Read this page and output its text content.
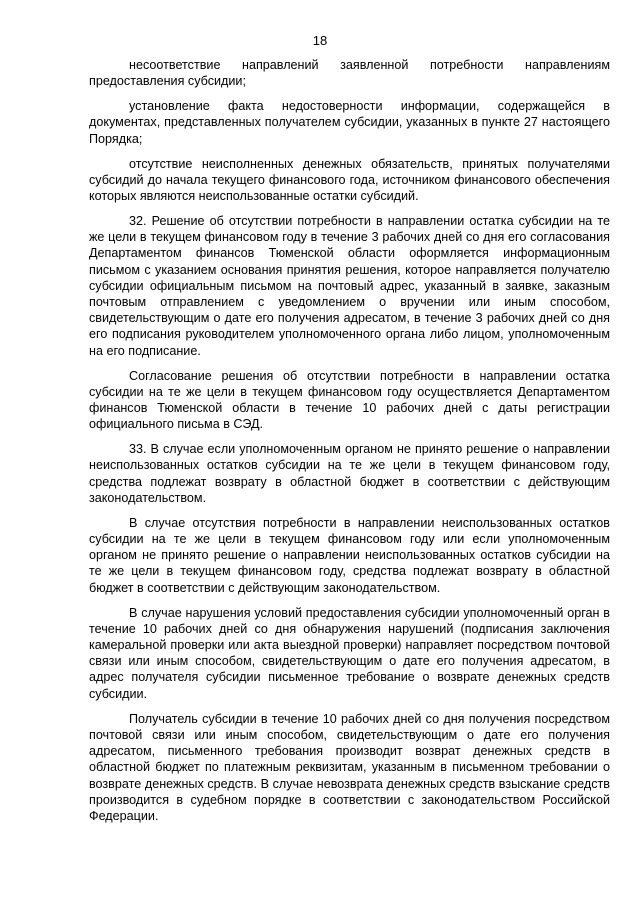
18

несоответствие направлений заявленной потребности направлениям предоставления субсидии;

установление факта недостоверности информации, содержащейся в документах, представленных получателем субсидии, указанных в пункте 27 настоящего Порядка;

отсутствие неисполненных денежных обязательств, принятых получателями субсидий до начала текущего финансового года, источником финансового обеспечения которых являются неиспользованные остатки субсидий.

32. Решение об отсутствии потребности в направлении остатка субсидии на те же цели в текущем финансовом году в течение 3 рабочих дней со дня его согласования Департаментом финансов Тюменской области оформляется информационным письмом с указанием основания принятия решения, которое направляется получателю субсидии официальным письмом на почтовый адрес, указанный в заявке, заказным почтовым отправлением с уведомлением о вручении или иным способом, свидетельствующим о дате его получения адресатом, в течение 3 рабочих дней со дня его подписания руководителем уполномоченного органа либо лицом, уполномоченным на его подписание.

Согласование решения об отсутствии потребности в направлении остатка субсидии на те же цели в текущем финансовом году осуществляется Департаментом финансов Тюменской области в течение 10 рабочих дней с даты регистрации официального письма в СЭД.

33. В случае если уполномоченным органом не принято решение о направлении неиспользованных остатков субсидии на те же цели в текущем финансовом году, средства подлежат возврату в областной бюджет в соответствии с действующим законодательством.

В случае отсутствия потребности в направлении неиспользованных остатков субсидии на те же цели в текущем финансовом году или если уполномоченным органом не принято решение о направлении неиспользованных остатков субсидии на те же цели в текущем финансовом году, средства подлежат возврату в областной бюджет в соответствии с действующим законодательством.

В случае нарушения условий предоставления субсидии уполномоченный орган в течение 10 рабочих дней со дня обнаружения нарушений (подписания заключения камеральной проверки или акта выездной проверки) направляет посредством почтовой связи или иным способом, свидетельствующим о дате его получения адресатом, в адрес получателя субсидии письменное требование о возврате денежных средств субсидии.

Получатель субсидии в течение 10 рабочих дней со дня получения посредством почтовой связи или иным способом, свидетельствующим о дате его получения адресатом, письменного требования производит возврат денежных средств в областной бюджет по платежным реквизитам, указанным в письменном требовании о возврате денежных средств. В случае невозврата денежных средств взыскание средств производится в судебном порядке в соответствии с законодательством Российской Федерации.
